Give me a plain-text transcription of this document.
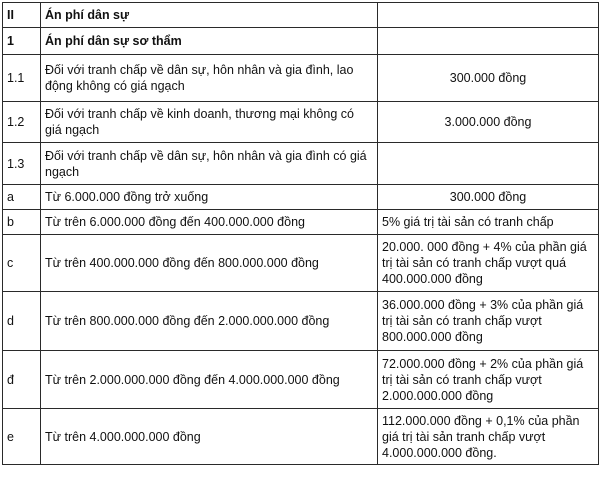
II	Án phí dân sự	
1	Án phí dân sự sơ thẩm	
1.1	Đối với tranh chấp về dân sự, hôn nhân và gia đình, lao động không có giá ngạch	300.000 đồng
1.2	Đối với tranh chấp về kinh doanh, thương mại không có giá ngạch	3.000.000 đồng
1.3	Đối với tranh chấp về dân sự, hôn nhân và gia đình có giá ngạch	
a	Từ 6.000.000 đồng trở xuống	300.000 đồng
b	Từ trên 6.000.000 đồng đến 400.000.000 đồng	5% giá trị tài sản có tranh chấp
c	Từ trên 400.000.000 đồng đến 800.000.000 đồng	20.000. 000 đồng + 4% của phần giá trị tài sản có tranh chấp vượt quá 400.000.000 đồng
d	Từ trên 800.000.000 đồng đến 2.000.000.000 đồng	36.000.000 đồng + 3% của phần giá trị tài sản có tranh chấp vượt 800.000.000 đồng
đ	Từ trên 2.000.000.000 đồng đến 4.000.000.000 đồng	72.000.000 đồng + 2% của phần giá trị tài sản có tranh chấp vượt 2.000.000.000 đồng
e	Từ trên 4.000.000.000 đồng	112.000.000 đồng + 0,1% của phần giá trị tài sản tranh chấp vượt 4.000.000.000 đồng.
